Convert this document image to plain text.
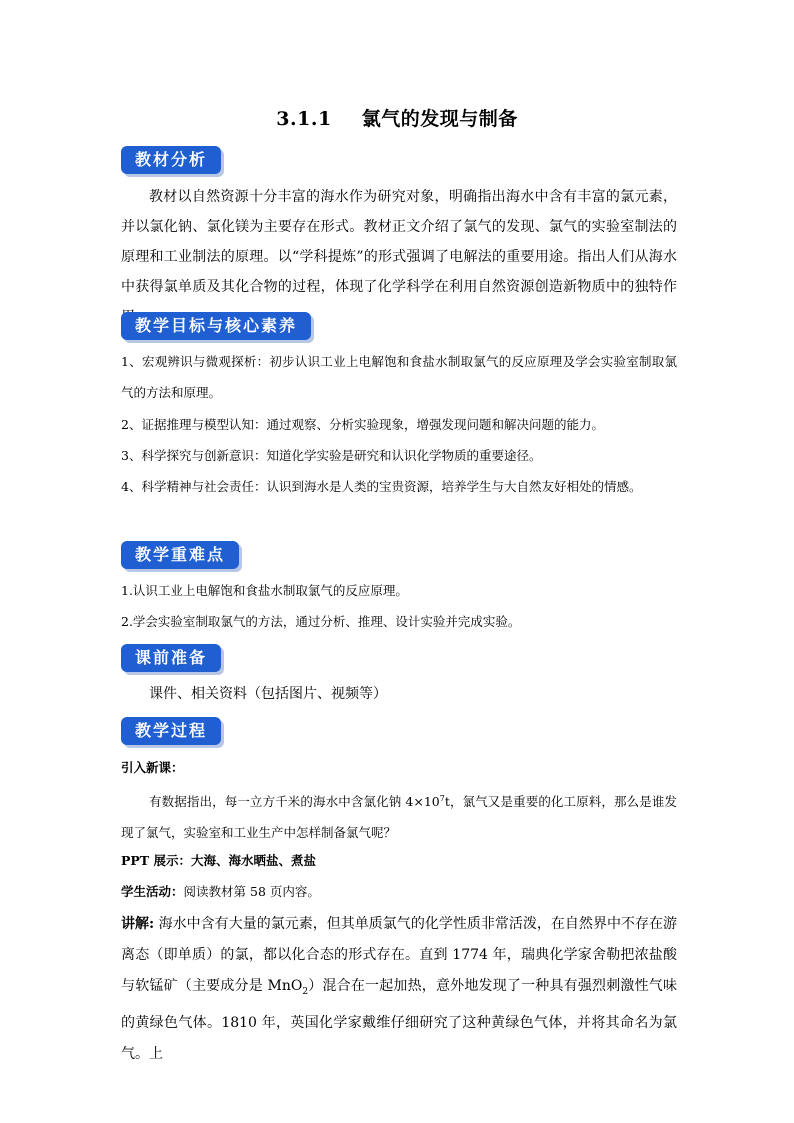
3.1.1 氯气的发现与制备
教材分析
教材以自然资源十分丰富的海水作为研究对象，明确指出海水中含有丰富的氯元素，并以氯化钠、氯化镁为主要存在形式。教材正文介绍了氯气的发现、氯气的实验室制法的原理和工业制法的原理。以“学科提炼”的形式强调了电解法的重要用途。指出人们从海水中获得氯单质及其化合物的过程，体现了化学科学在利用自然资源创造新物质中的独特作
教学目标与核心素养
1、宏观辨识与微观探析：初步认识工业上电解饱和食盐水制取氯气的反应原理及学会实验室制取氯气的方法和原理。
2、证据推理与模型认知：通过观察、分析实验现象，增强发现问题和解决问题的能力。
3、科学探究与创新意识：知道化学实验是研究和认识化学物质的重要途径。
4、科学精神与社会责任：认识到海水是人类的宝贵资源，培养学生与大自然友好相处的情感。
教学重难点
1.认识工业上电解饱和食盐水制取氯气的反应原理。
2.学会实验室制取氯气的方法，通过分析、推理、设计实验并完成实验。
课前准备
课件、相关资料（包括图片、视频等）
教学过程
引入新课：
有数据指出，每一立方千米的海水中含氯化钠 $4\times 10^7t$，氯气又是重要的化工原料，那么是谁发现了氯气，实验室和工业生产中怎样制备氯气呢？
PPT 展示：大海、海水晒盐、煮盐
学生活动：阅读教材第 58 页内容。
讲解: 海水中含有大量的氯元素，但其单质氯气的化学性质非常活泼，在自然界中不存在游离态（即单质）的氯，都以化合态的形式存在。直到 1774 年，瑞典化学家舍勒把浓盐酸与软锰矿（主要成分是 MnO$_2$）混合在一起加热，意外地发现了一种具有强烈刺激性气味的黄绿色气体。1810 年，英国化学家戴维仔细研究了这种黄绿色气体，并将其命名为氯气。上
